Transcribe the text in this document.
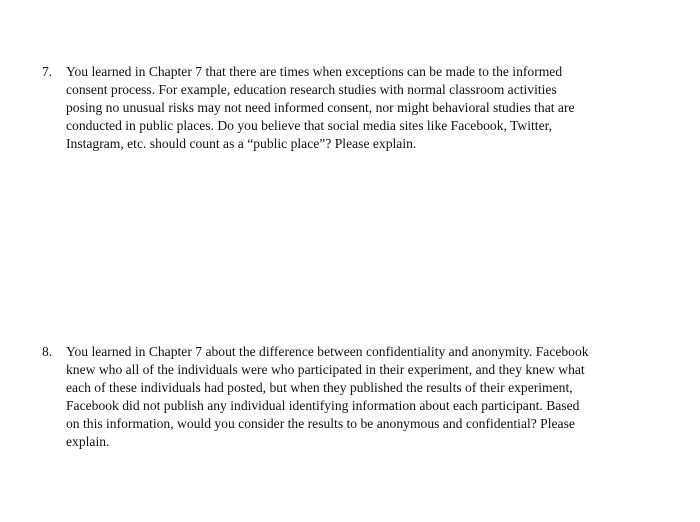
7.	You learned in Chapter 7 that there are times when exceptions can be made to the informed
consent process. For example, education research studies with normal classroom activities
posing no unusual risks may not need informed consent, nor might behavioral studies that are
conducted in public places. Do you believe that social media sites like Facebook, Twitter,
Instagram, etc. should count as a “public place”? Please explain.
8.	You learned in Chapter 7 about the difference between confidentiality and anonymity. Facebook
knew who all of the individuals were who participated in their experiment, and they knew what
each of these individuals had posted, but when they published the results of their experiment,
Facebook did not publish any individual identifying information about each participant. Based
on this information, would you consider the results to be anonymous and confidential? Please
explain.
